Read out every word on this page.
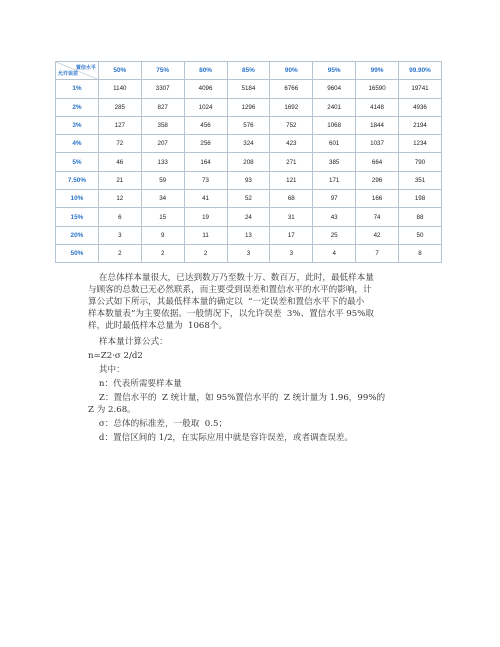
置信水平
允许误差	50%	75%	80%	85%	90%	95%	99%	99.90%
1%	1140	3307	4096	5184	6766	9604	16590	19741
2%	285	827	1024	1296	1692	2401	4148	4936
3%	127	358	456	576	752	1068	1844	2194
4%	72	207	256	324	423	601	1037	1234
5%	46	133	164	208	271	385	664	790
7.50%	21	59	73	93	121	171	296	351
10%	12	34	41	52	68	97	166	198
15%	6	15	19	24	31	43	74	88
20%	3	9	11	13	17	25	42	50
50%	2	2	2	3	3	4	7	8
在总体样本量很大，已达到数万乃至数十万、数百万，此时，最低样本量
与顾客的总数已无必然联系，而主要受到误差和置信水平的水平的影响，计
算公式如下所示，其最低样本量的确定以  “一定误差和置信水平下的最小
样本数量表”为主要依据。一般情况下，以允许误差  3%、置信水平 95%取
样，此时最低样本总量为  1068个。
样本量计算公式：
n=Z2·σ 2/d2
其中：
n：代表所需要样本量
Z：置信水平的  Z 统计量，如 95%置信水平的  Z 统计量为 1.96，99%的
Z 为 2.68。
σ：总体的标准差，一般取  0.5；
d：置信区间的 1/2，在实际应用中就是容许误差，或者调查误差。
